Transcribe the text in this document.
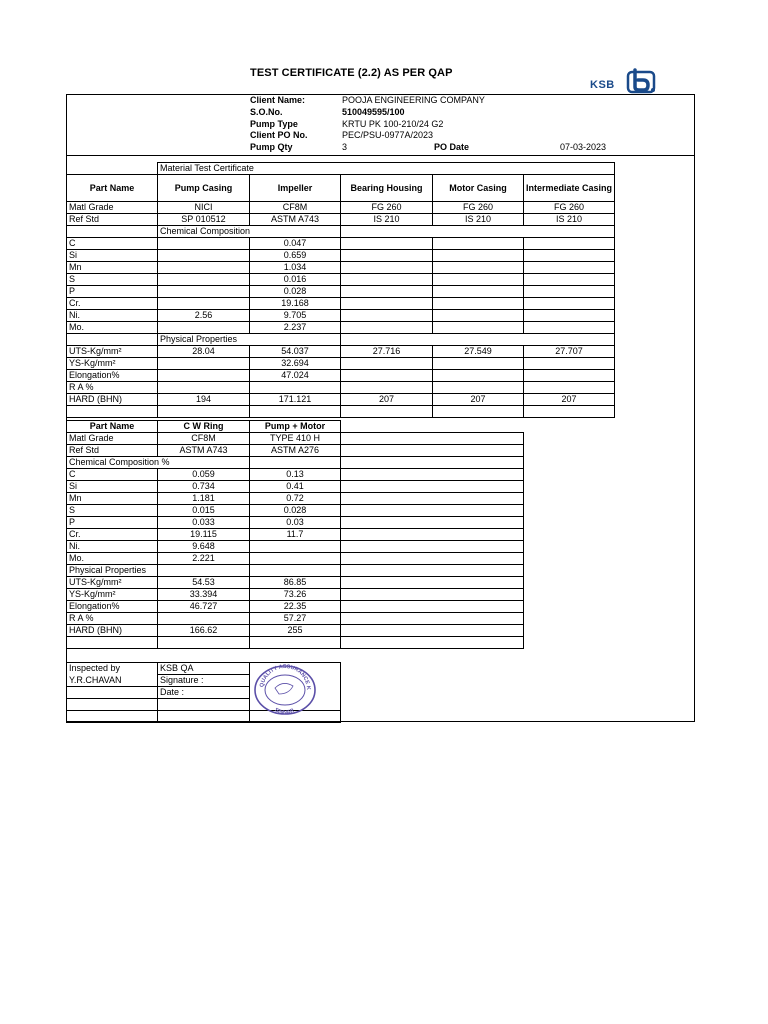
TEST CERTIFICATE (2.2) AS PER QAP
KSB
Client Name:	POOJA ENGINEERING COMPANY
S.O.No.	510049595/100
Pump Type	KRTU PK 100-210/24 G2
Client PO No.	PEC/PSU-0977A/2023
Pump Qty	3	PO Date	07-03-2023
	Material Test Certificate				
Part Name	Pump Casing	Impeller	Bearing Housing	Motor Casing	Intermediate Casing
Matl Grade	NICI	CF8M	FG 260	FG 260	FG 260
Ref Std	SP 010512	ASTM A743	IS 210	IS 210	IS 210
	Chemical Composition				
C		0.047			
Si		0.659			
Mn		1.034			
S		0.016			
P		0.028			
Cr.		19.168			
Ni.	2.56	9.705			
Mo.		2.237			
	Physical Properties				
UTS-Kg/mm²	28.04	54.037	27.716	27.549	27.707
YS-Kg/mm²		32.694			
Elongation%		47.024			
R A %					
HARD (BHN)	194	171.121	207	207	207

Part Name	C W Ring	Pump + Motor	
Matl Grade	CF8M	TYPE 410 H	
Ref Std	ASTM A743	ASTM A276	
Chemical Composition %			
C	0.059	0.13	
Si	0.734	0.41	
Mn	1.181	0.72	
S	0.015	0.028	
P	0.033	0.03	
Cr.	19.115	11.7	
Ni.	9.648		
Mo.	2.221		
Physical Properties			
UTS-Kg/mm²	54.53	86.85	
YS-Kg/mm²	33.394	73.26	
Elongation%	46.727	22.35	
R A %		57.27	
HARD (BHN)	166.62	255	

Inspected by	KSB QA	
Y.R.CHAVAN	Signature :	
	Date :	

QUALITY ASSURANCE K
SINNAR
